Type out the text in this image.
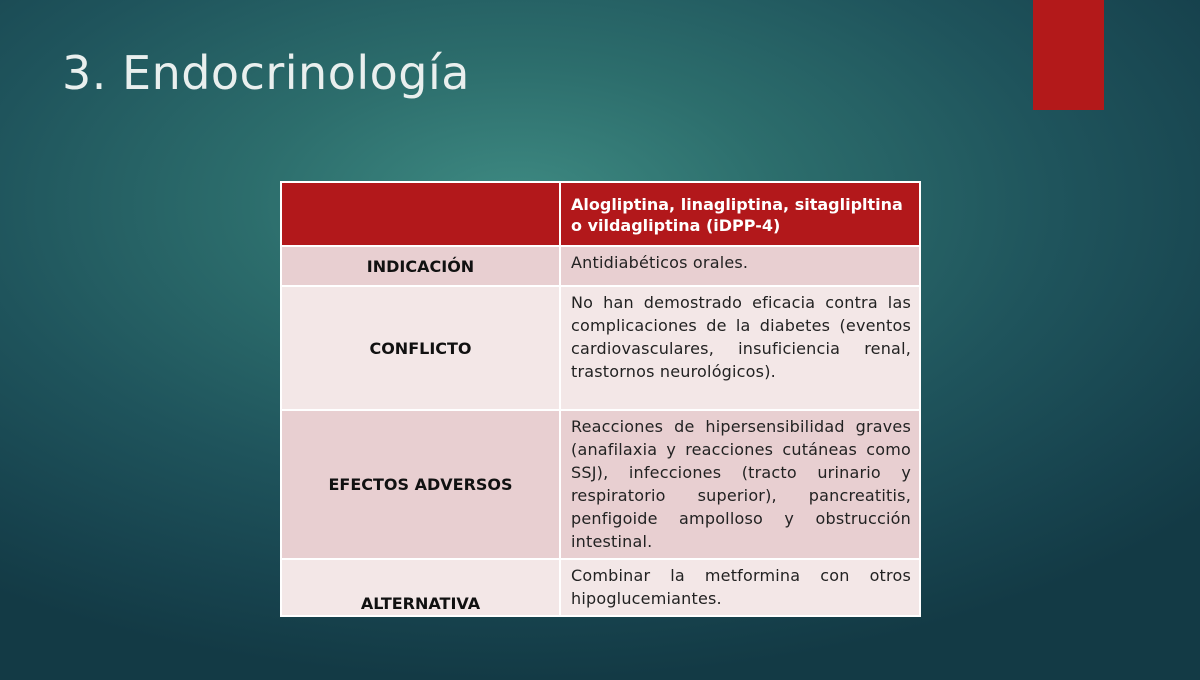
3. Endocrinología
	Alogliptina, linagliptina, sitaglipltina o vildagliptina (iDPP-4)
INDICACIÓN	Antidiabéticos orales.
CONFLICTO	No han demostrado eficacia contra las complicaciones de la diabetes (eventos cardiovasculares, insuficiencia renal, trastornos neurológicos).
EFECTOS ADVERSOS	Reacciones de hipersensibilidad graves (anafilaxia y reacciones cutáneas como SSJ), infecciones (tracto urinario y respiratorio superior), pancreatitis, penfigoide ampolloso y obstrucción intestinal.
ALTERNATIVA	Combinar la metformina con otros hipoglucemiantes.
